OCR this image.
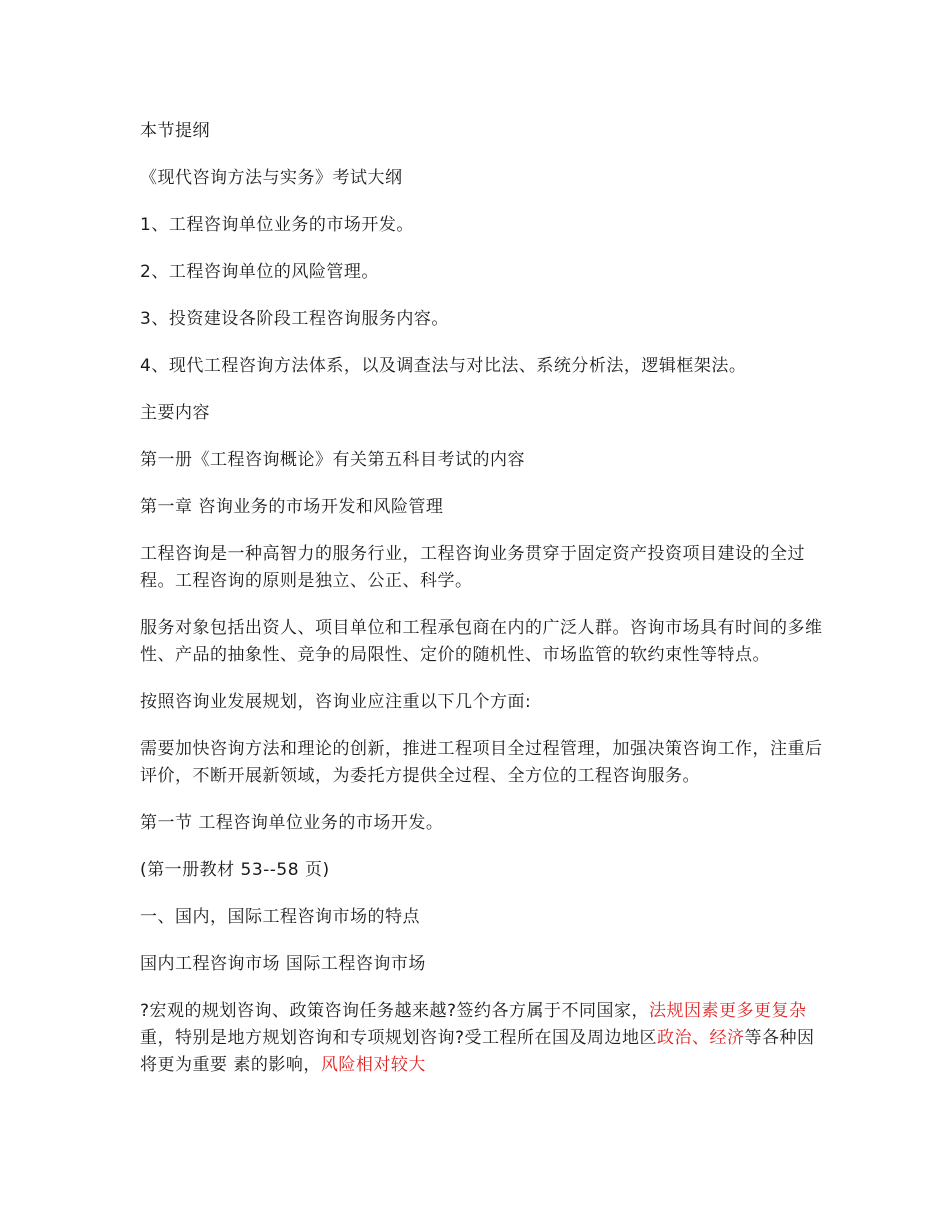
本节提纲

《现代咨询方法与实务》考试大纲

1、工程咨询单位业务的市场开发。

2、工程咨询单位的风险管理。

3、投资建设各阶段工程咨询服务内容。

4、现代工程咨询方法体系，以及调查法与对比法、系统分析法，逻辑框架法。

主要内容

第一册《工程咨询概论》有关第五科目考试的内容

第一章 咨询业务的市场开发和风险管理

工程咨询是一种高智力的服务行业，工程咨询业务贯穿于固定资产投资项目建设的全过程。工程咨询的原则是独立、公正、科学。

服务对象包括出资人、项目单位和工程承包商在内的广泛人群。咨询市场具有时间的多维性、产品的抽象性、竞争的局限性、定价的随机性、市场监管的软约束性等特点。

按照咨询业发展规划，咨询业应注重以下几个方面:

需要加快咨询方法和理论的创新，推进工程项目全过程管理，加强决策咨询工作，注重后评价，不断开展新领域，为委托方提供全过程、全方位的工程咨询服务。

第一节 工程咨询单位业务的市场开发。

(第一册教材 53--58 页)

一、国内，国际工程咨询市场的特点

国内工程咨询市场 国际工程咨询市场

?宏观的规划咨询、政策咨询任务越来越?签约各方属于不同国家，法规因素更多更复杂 重，特别是地方规划咨询和专项规划咨询?受工程所在国及周边地区政治、经济等各种因将更为重要 素的影响，风险相对较大
